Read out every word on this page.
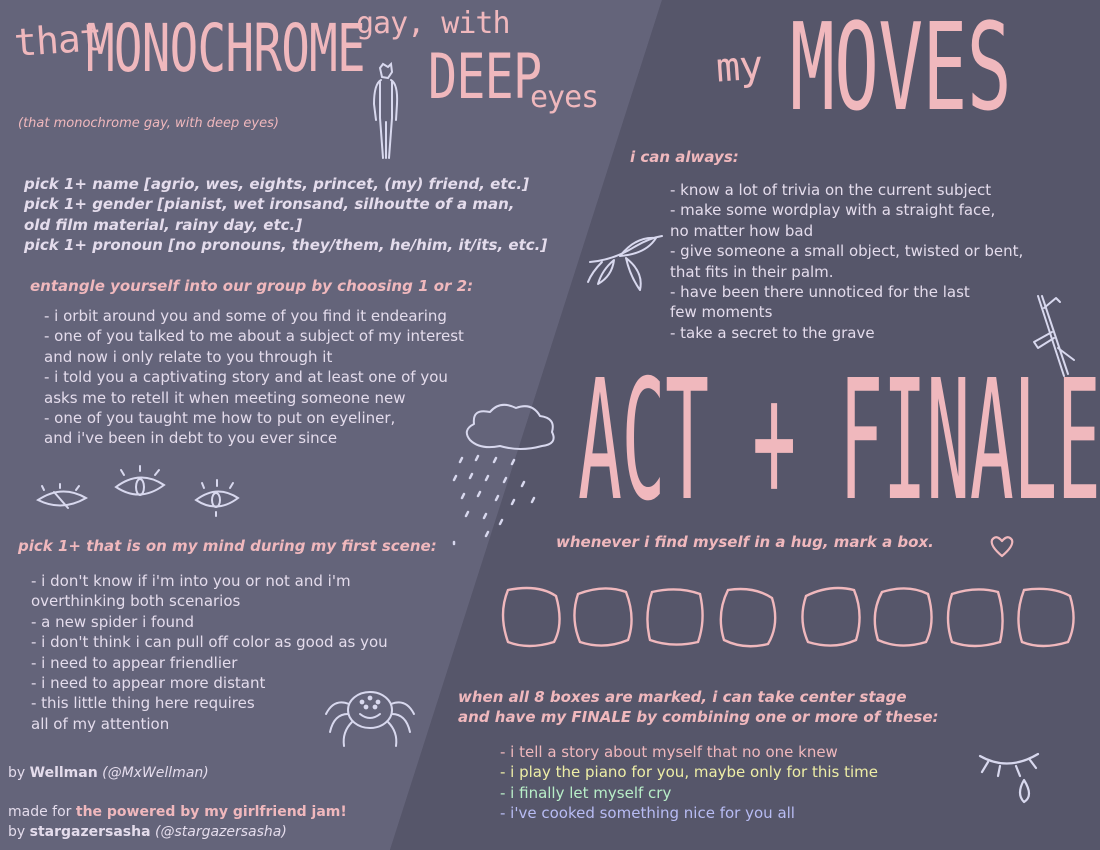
that
MONOCHROME
gay, with
DEEP
eyes
(that monochrome gay, with deep eyes)
pick 1+ name [agrio, wes, eights, princet, (my) friend, etc.]
pick 1+ gender [pianist, wet ironsand, silhoutte of a man,
old film material, rainy day, etc.]
pick 1+ pronoun [no pronouns, they/them, he/him, it/its, etc.]
entangle yourself into our group by choosing 1 or 2:
- i orbit around you and some of you find it endearing
- one of you talked to me about a subject of my interest
and now i only relate to you through it
- i told you a captivating story and at least one of you
asks me to retell it when meeting someone new
- one of you taught me how to put on eyeliner,
and i've been in debt to you ever since
pick 1+ that is on my mind during my first scene:
- i don't know if i'm into you or not and i'm
overthinking both scenarios
- a new spider i found
- i don't think i can pull off color as good as you
- i need to appear friendlier
- i need to appear more distant
- this little thing here requires
all of my attention
by Wellman (@MxWellman)
made for the powered by my girlfriend jam!
by stargazersasha (@stargazersasha)
my MOVES
i can always:
- know a lot of trivia on the current subject
- make some wordplay with a straight face,
no matter how bad
- give someone a small object, twisted or bent,
that fits in their palm.
- have been there unnoticed for the last
few moments
- take a secret to the grave
ACT + FINALE
whenever i find myself in a hug, mark a box.
when all 8 boxes are marked, i can take center stage
and have my FINALE by combining one or more of these:
- i tell a story about myself that no one knew
- i play the piano for you, maybe only for this time
- i finally let myself cry
- i've cooked something nice for you all
